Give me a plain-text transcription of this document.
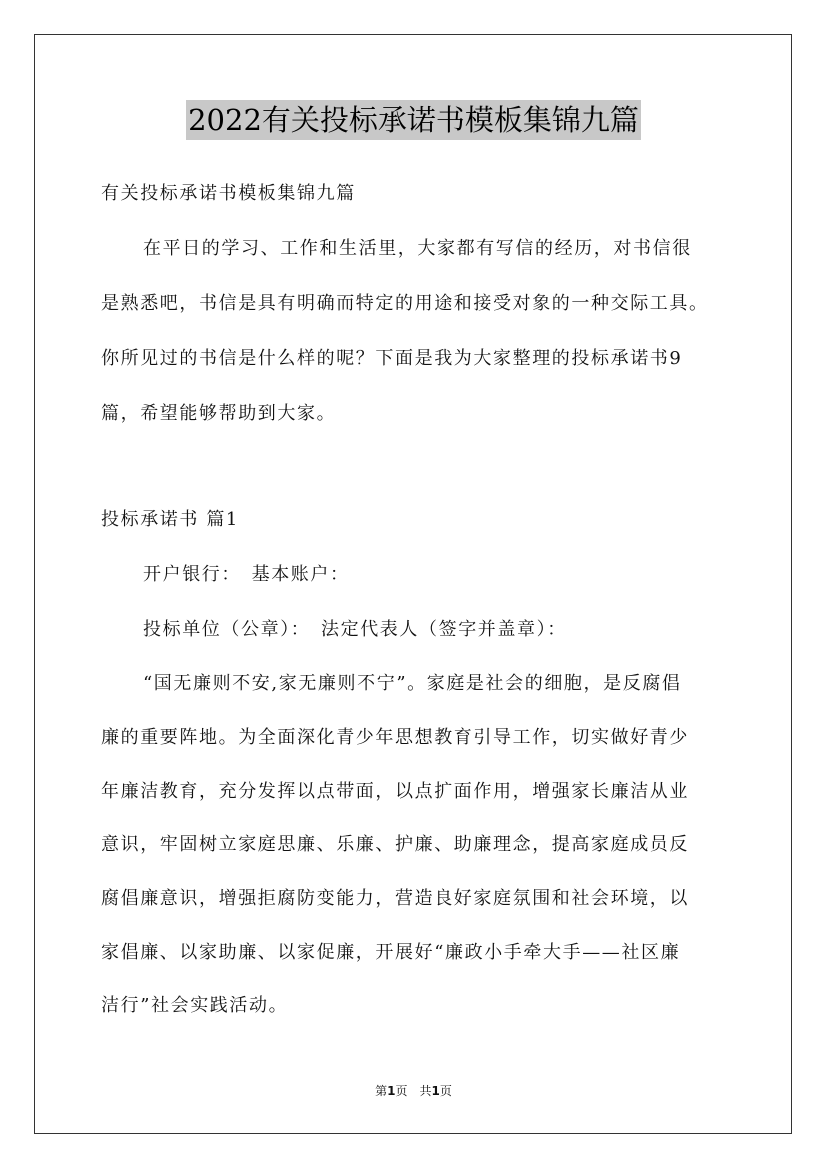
2022有关投标承诺书模板集锦九篇
有关投标承诺书模板集锦九篇
在平日的学习、工作和生活里，大家都有写信的经历，对书信很
是熟悉吧，书信是具有明确而特定的用途和接受对象的一种交际工具。
你所见过的书信是什么样的呢？下面是我为大家整理的投标承诺书9
篇，希望能够帮助到大家。
投标承诺书 篇1
开户银行：　基本账户：
投标单位（公章）：　法定代表人（签字并盖章）：
“国无廉则不安,家无廉则不宁”。家庭是社会的细胞，是反腐倡
廉的重要阵地。为全面深化青少年思想教育引导工作，切实做好青少
年廉洁教育，充分发挥以点带面，以点扩面作用，增强家长廉洁从业
意识，牢固树立家庭思廉、乐廉、护廉、助廉理念，提高家庭成员反
腐倡廉意识，增强拒腐防变能力，营造良好家庭氛围和社会环境，以
家倡廉、以家助廉、以家促廉，开展好“廉政小手牵大手——社区廉
洁行”社会实践活动。
第1页　共1页
